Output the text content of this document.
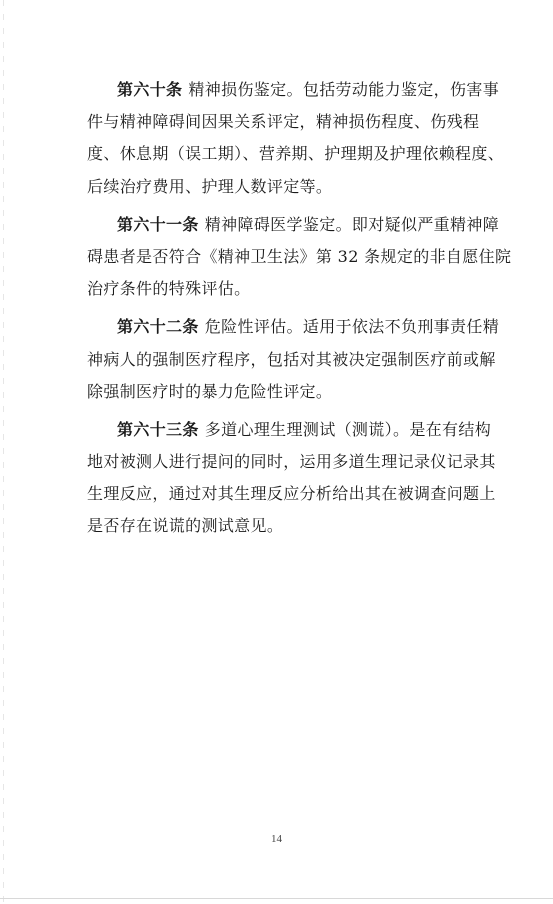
第六十条 精神损伤鉴定。包括劳动能力鉴定，伤害事
件与精神障碍间因果关系评定，精神损伤程度、伤残程
度、休息期（误工期）、营养期、护理期及护理依赖程度、
后续治疗费用、护理人数评定等。
第六十一条 精神障碍医学鉴定。即对疑似严重精神障
碍患者是否符合《精神卫生法》第 32 条规定的非自愿住院
治疗条件的特殊评估。
第六十二条 危险性评估。适用于依法不负刑事责任精
神病人的强制医疗程序，包括对其被决定强制医疗前或解
除强制医疗时的暴力危险性评定。
第六十三条 多道心理生理测试（测谎）。是在有结构
地对被测人进行提问的同时，运用多道生理记录仪记录其
生理反应，通过对其生理反应分析给出其在被调查问题上
是否存在说谎的测试意见。
14
